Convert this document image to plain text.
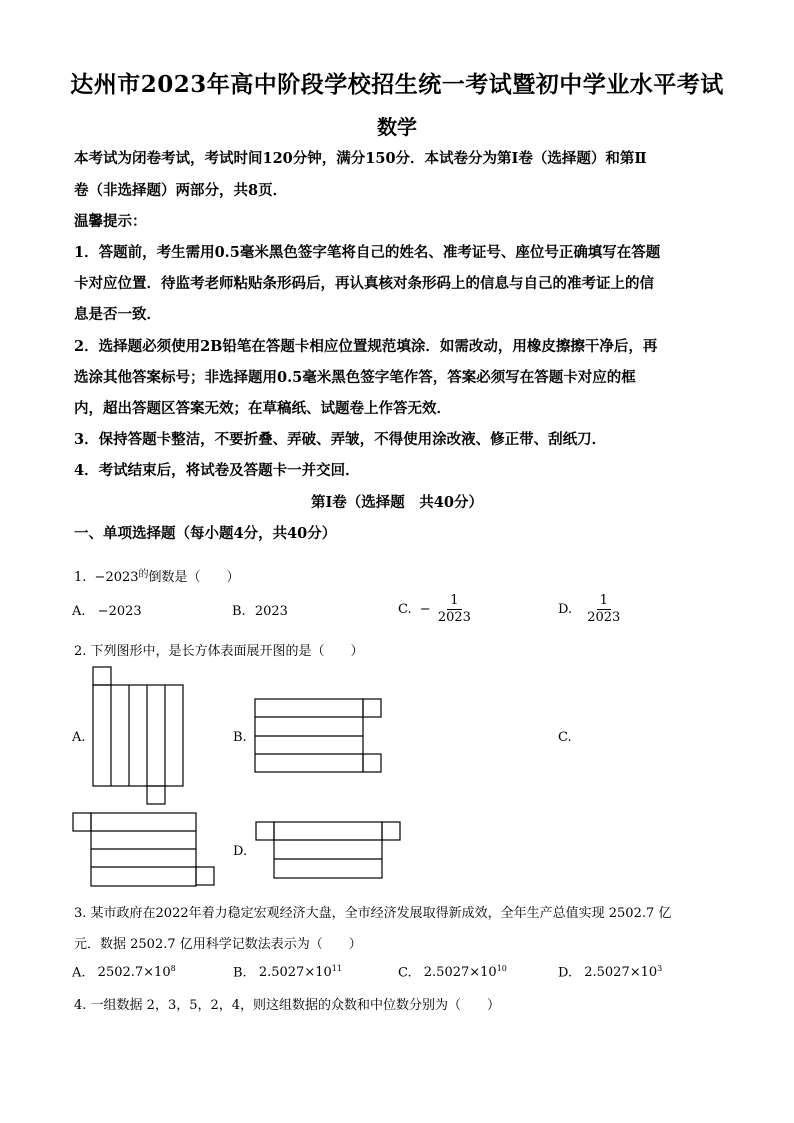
达州市2023年高中阶段学校招生统一考试暨初中学业水平考试
数学
本考试为闭卷考试，考试时间120分钟，满分150分．本试卷分为第Ⅰ卷（选择题）和第Ⅱ
卷（非选择题）两部分，共8页．
温馨提示：
1．答题前，考生需用0.5毫米黑色签字笔将自己的姓名、准考证号、座位号正确填写在答题
卡对应位置．待监考老师粘贴条形码后，再认真核对条形码上的信息与自己的准考证上的信
息是否一致．
2．选择题必须使用2B铅笔在答题卡相应位置规范填涂．如需改动，用橡皮擦擦干净后，再
选涂其他答案标号；非选择题用0.5毫米黑色签字笔作答，答案必须写在答题卡对应的框
内，超出答题区答案无效；在草稿纸、试题卷上作答无效．
3．保持答题卡整洁，不要折叠、弄破、弄皱，不得使用涂改液、修正带、刮纸刀．
4．考试结束后，将试卷及答题卡一并交回．
第Ⅰ卷（选择题　共40分）
一、单项选择题（每小题4分，共40分）
1. $-2023^的$倒数是（　　）
A. −2023	B. 2023	C. − $\frac{1}{2023}$	D. $\frac{1}{2023}$
2. 下列图形中，是长方体表面展开图的是（　　）
A.	B.	C.
D.
3. 某市政府在2022年着力稳定宏观经济大盘，全市经济发展取得新成效，全年生产总值实现 2502.7 亿
元．数据 2502.7 亿用科学记数法表示为（　　）
A. $2502.7\times 10^8$	B. $2.5027\times 10^{11}$	C. $2.5027\times 10^{10}$	D. $2.5027\times 10^3$
4. 一组数据 2，3，5，2，4，则这组数据的众数和中位数分别为（　　）
